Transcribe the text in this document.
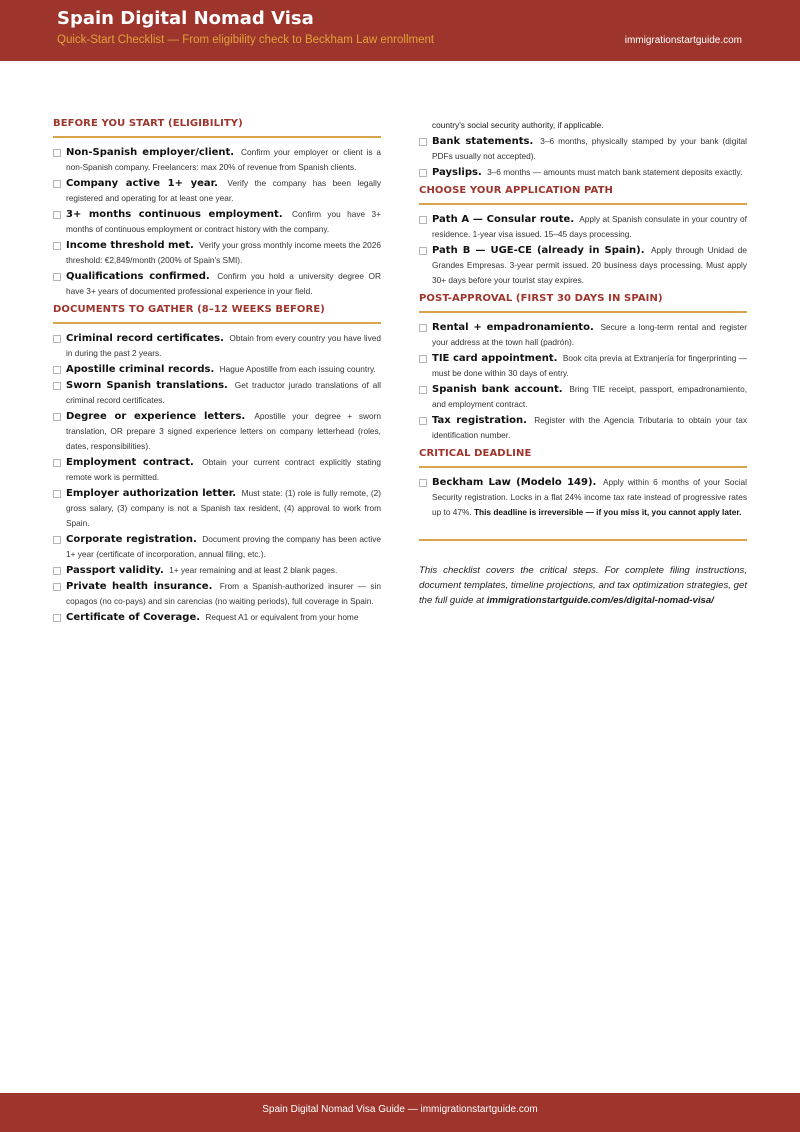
Spain Digital Nomad Visa
Quick-Start Checklist — From eligibility check to Beckham Law enrollment	immigrationstartguide.com
BEFORE YOU START (ELIGIBILITY)
Non-Spanish employer/client. Confirm your employer or client is a non-Spanish company. Freelancers: max 20% of revenue from Spanish clients.
Company active 1+ year. Verify the company has been legally registered and operating for at least one year.
3+ months continuous employment. Confirm you have 3+ months of continuous employment or contract history with the company.
Income threshold met. Verify your gross monthly income meets the 2026 threshold: €2,849/month (200% of Spain's SMI).
Qualifications confirmed. Confirm you hold a university degree OR have 3+ years of documented professional experience in your field.
DOCUMENTS TO GATHER (8–12 WEEKS BEFORE)
Criminal record certificates. Obtain from every country you have lived in during the past 2 years.
Apostille criminal records. Hague Apostille from each issuing country.
Sworn Spanish translations. Get traductor jurado translations of all criminal record certificates.
Degree or experience letters. Apostille your degree + sworn translation, OR prepare 3 signed experience letters on company letterhead (roles, dates, responsibilities).
Employment contract. Obtain your current contract explicitly stating remote work is permitted.
Employer authorization letter. Must state: (1) role is fully remote, (2) gross salary, (3) company is not a Spanish tax resident, (4) approval to work from Spain.
Corporate registration. Document proving the company has been active 1+ year (certificate of incorporation, annual filing, etc.).
Passport validity. 1+ year remaining and at least 2 blank pages.
Private health insurance. From a Spanish-authorized insurer — sin copagos (no co-pays) and sin carencias (no waiting periods), full coverage in Spain.
Certificate of Coverage. Request A1 or equivalent from your home
country's social security authority, if applicable.
Bank statements. 3–6 months, physically stamped by your bank (digital PDFs usually not accepted).
Payslips. 3–6 months — amounts must match bank statement deposits exactly.
CHOOSE YOUR APPLICATION PATH
Path A — Consular route. Apply at Spanish consulate in your country of residence. 1-year visa issued. 15–45 days processing.
Path B — UGE-CE (already in Spain). Apply through Unidad de Grandes Empresas. 3-year permit issued. 20 business days processing. Must apply 30+ days before your tourist stay expires.
POST-APPROVAL (FIRST 30 DAYS IN SPAIN)
Rental + empadronamiento. Secure a long-term rental and register your address at the town hall (padrón).
TIE card appointment. Book cita previa at Extranjería for fingerprinting — must be done within 30 days of entry.
Spanish bank account. Bring TIE receipt, passport, empadronamiento, and employment contract.
Tax registration. Register with the Agencia Tributaria to obtain your tax identification number.
CRITICAL DEADLINE
Beckham Law (Modelo 149). Apply within 6 months of your Social Security registration. Locks in a flat 24% income tax rate instead of progressive rates up to 47%. This deadline is irreversible — if you miss it, you cannot apply later.
This checklist covers the critical steps. For complete filing instructions, document templates, timeline projections, and tax optimization strategies, get the full guide at immigrationstartguide.com/es/digital-nomad-visa/
Spain Digital Nomad Visa Guide — immigrationstartguide.com
